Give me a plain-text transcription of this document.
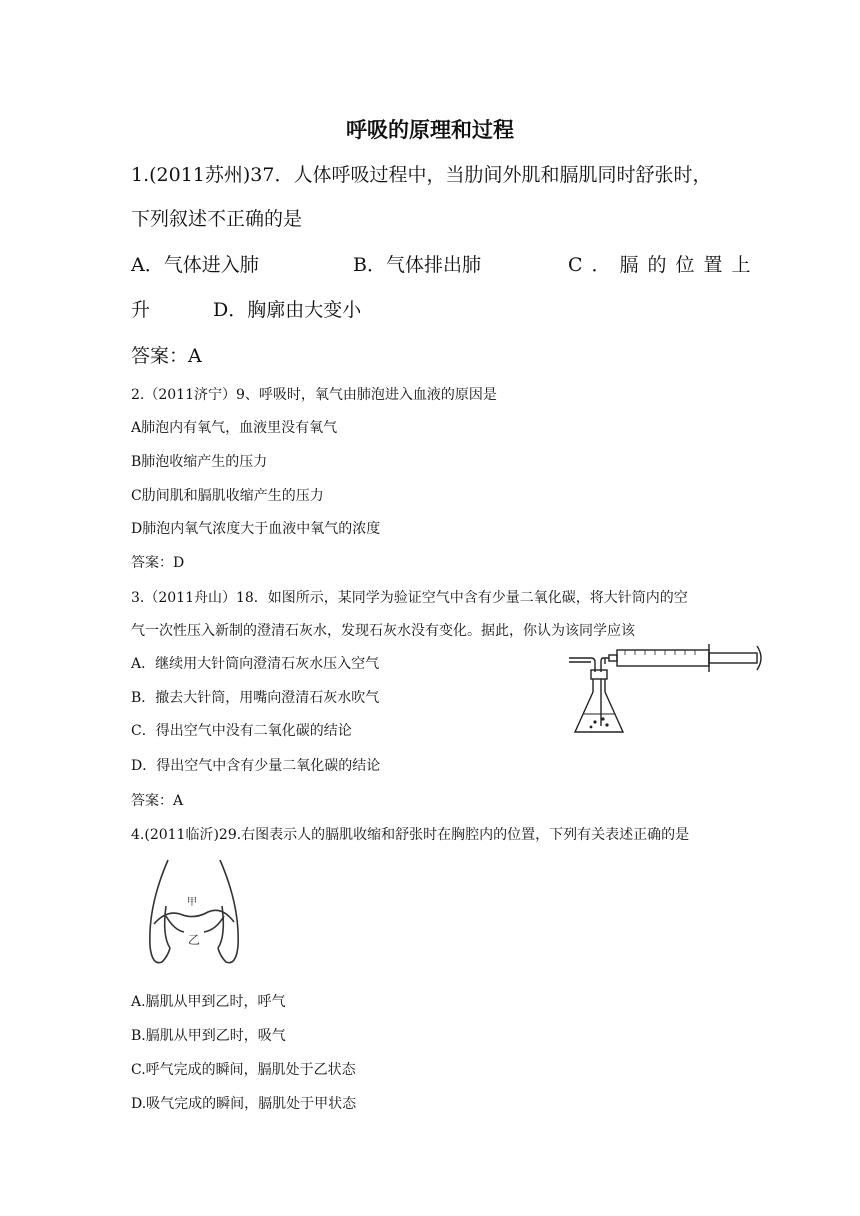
呼吸的原理和过程
1.(2011苏州)37．人体呼吸过程中，当肋间外肌和膈肌同时舒张时，
下列叙述不正确的是
A．气体进入肺	B．气体排出肺	C．膈的位置上
升	D．胸廓由大变小
答案：A
2.（2011济宁）9、呼吸时，氧气由肺泡进入血液的原因是
A肺泡内有氧气，血液里没有氧气
B肺泡收缩产生的压力
C肋间肌和膈肌收缩产生的压力
D肺泡内氧气浓度大于血液中氧气的浓度
答案：D
3.（2011舟山）18．如图所示，某同学为验证空气中含有少量二氧化碳，将大针筒内的空
气一次性压入新制的澄清石灰水，发现石灰水没有变化。据此，你认为该同学应该
A．继续用大针筒向澄清石灰水压入空气
B．撤去大针筒，用嘴向澄清石灰水吹气
C．得出空气中没有二氧化碳的结论
D．得出空气中含有少量二氧化碳的结论
答案：A
4.(2011临沂)29.右图表示人的膈肌收缩和舒张时在胸腔内的位置，下列有关表述正确的是
甲
乙
A.膈肌从甲到乙时，呼气
B.膈肌从甲到乙时，吸气
C.呼气完成的瞬间，膈肌处于乙状态
D.吸气完成的瞬间，膈肌处于甲状态
